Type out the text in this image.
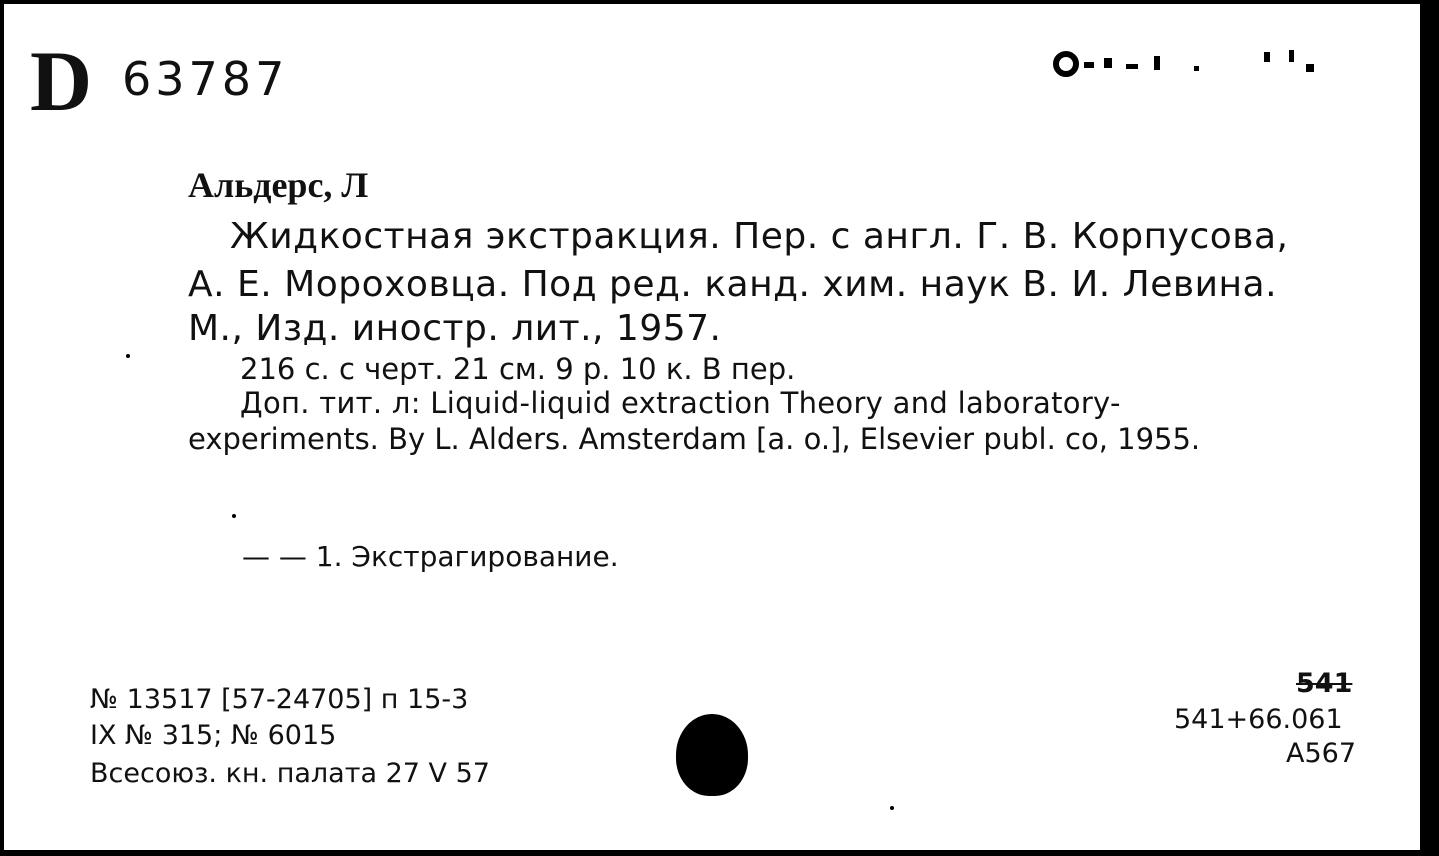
D 63787
Альдерс, Л
Жидкостная экстракция. Пер. с англ. Г. В. Корпусова,
А. Е. Мороховца. Под ред. канд. хим. наук В. И. Левина.
М., Изд. иностр. лит., 1957.
216 с. с черт. 21 см. 9 р. 10 к. В пер.
Доп. тит. л: Liquid-liquid extraction Theory and laboratory-
experiments. By L. Alders. Amsterdam [a. o.], Elsevier publ. co, 1955.
— — 1. Экстрагирование.
№ 13517 [57-24705] п 15-3
IX № 315; № 6015
Всесоюз. кн. палата 27 V 57
541
541+66.061
А567
